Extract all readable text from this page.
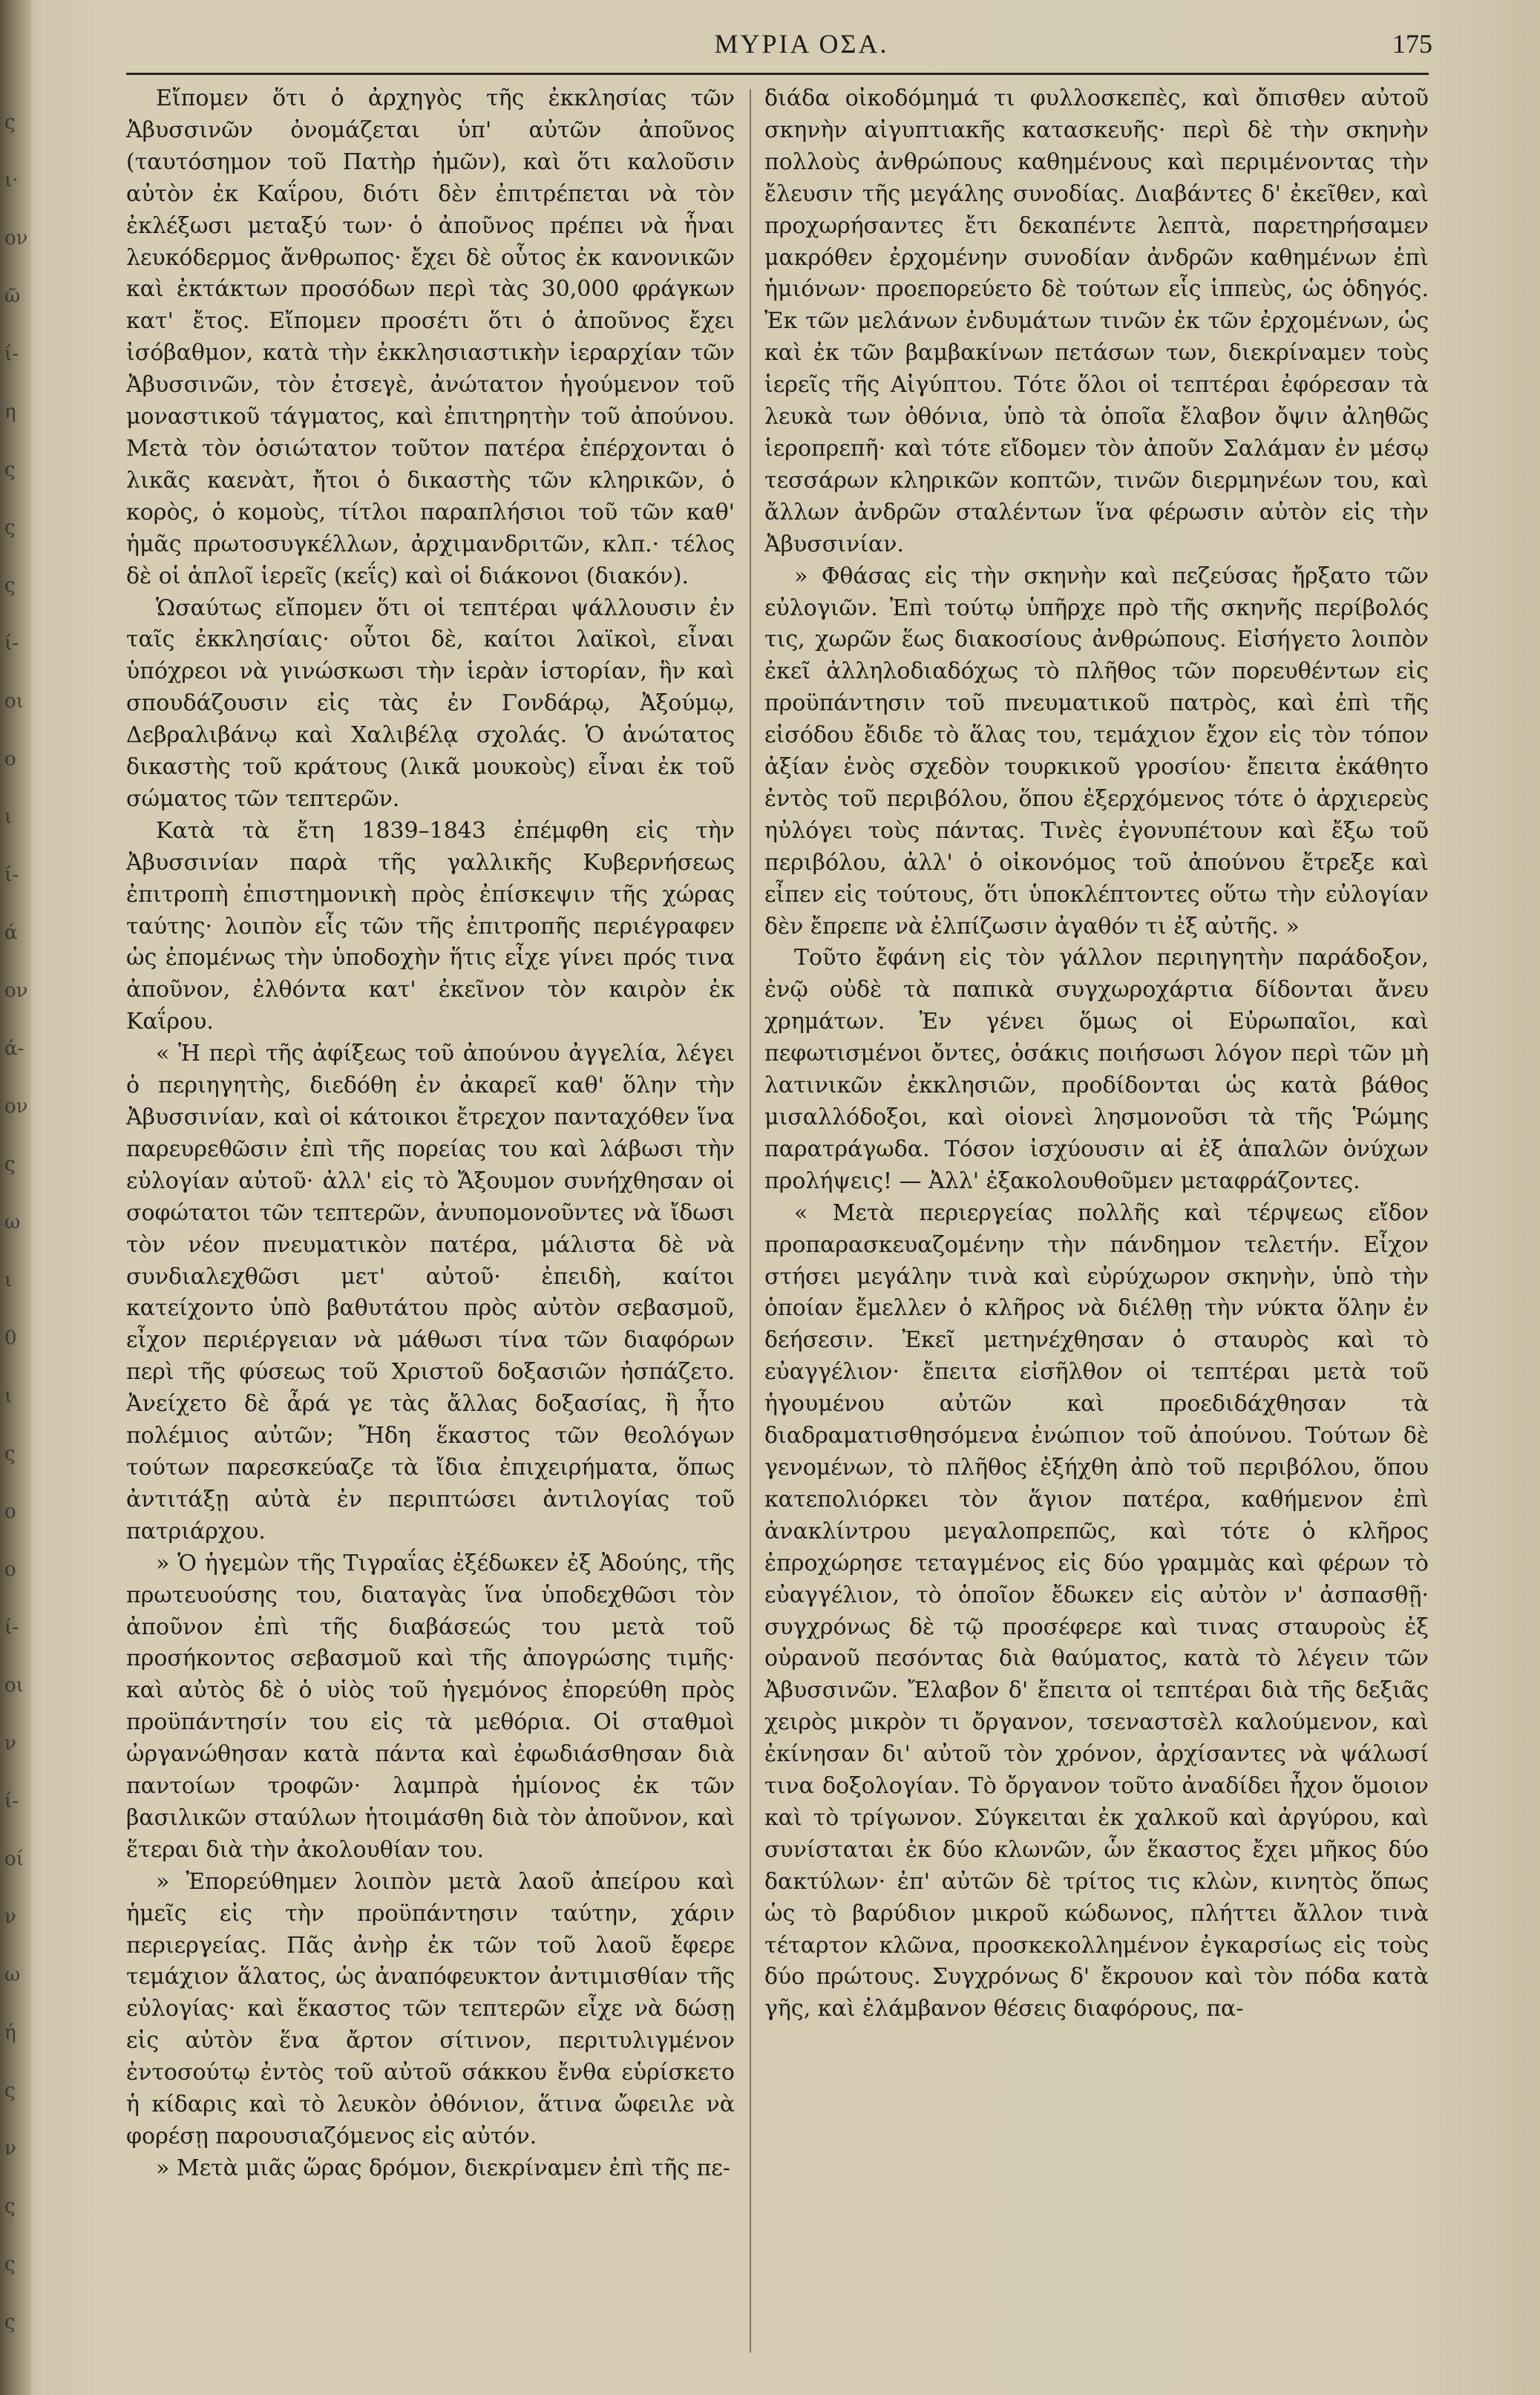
ς
ι·
ον
ῶ
ί-
η
ς
ς
ς
ί-
οι
ο
ι
ί-
ά
ον
ά-
ον
ς
ω
ι
0
ι
ς
ο
ο
ί-
οι
ν
ί-
οί
ν
ω
ή
ς
ν
ς
ς
ς
ΜΥΡΙΑ ΟΣΑ.	175

Εἴπομεν ὅτι ὁ ἀρχηγὸς τῆς ἐκκλησίας τῶν Ἀβυσσινῶν ὀνομάζεται ὑπ' αὐτῶν ἀποῦνος (ταυτόσημον τοῦ Πατὴρ ἡμῶν), καὶ ὅτι καλοῦσιν αὐτὸν ἐκ Καΐρου, διότι δὲν ἐπιτρέπεται νὰ τὸν ἐκλέξωσι μεταξύ των· ὁ ἀποῦνος πρέπει νὰ ἦναι λευκόδερμος ἄνθρωπος· ἔχει δὲ οὗτος ἐκ κανονικῶν καὶ ἐκτάκτων προσόδων περὶ τὰς 30,000 φράγκων κατ' ἔτος. Εἴπομεν προσέτι ὅτι ὁ ἀποῦνος ἔχει ἰσόβαθμον, κατὰ τὴν ἐκκλησιαστικὴν ἱεραρχίαν τῶν Ἀβυσσινῶν, τὸν ἐτσεγὲ, ἀνώτατον ἡγούμενον τοῦ μοναστικοῦ τάγματος, καὶ ἐπιτηρητὴν τοῦ ἀπούνου. Μετὰ τὸν ὁσιώτατον τοῦτον πατέρα ἐπέρχονται ὁ λικᾶς καενὰτ, ἤτοι ὁ δικαστὴς τῶν κληρικῶν, ὁ κορὸς, ὁ κομοὺς, τίτλοι παραπλήσιοι τοῦ τῶν καθ' ἡμᾶς πρωτοσυγκέλλων, ἀρχιμανδριτῶν, κλπ.· τέλος δὲ οἱ ἁπλοῖ ἱερεῖς (κεΐς) καὶ οἱ διάκονοι (διακόν).

Ὡσαύτως εἴπομεν ὅτι οἱ τεπτέραι ψάλλουσιν ἐν ταῖς ἐκκλησίαις· οὗτοι δὲ, καίτοι λαϊκοὶ, εἶναι ὑπόχρεοι νὰ γινώσκωσι τὴν ἱερὰν ἱστορίαν, ἣν καὶ σπουδάζουσιν εἰς τὰς ἐν Γονδάρῳ, Ἀξούμῳ, Δεβραλιβάνῳ καὶ Χαλιβέλᾳ σχολάς. Ὁ ἀνώτατος δικαστὴς τοῦ κράτους (λικᾶ μουκοὺς) εἶναι ἐκ τοῦ σώματος τῶν τεπτερῶν.

Κατὰ τὰ ἔτη 1839–1843 ἐπέμφθη εἰς τὴν Ἀβυσσινίαν παρὰ τῆς γαλλικῆς Κυβερνήσεως ἐπιτροπὴ ἐπιστημονικὴ πρὸς ἐπίσκεψιν τῆς χώρας ταύτης· λοιπὸν εἷς τῶν τῆς ἐπιτροπῆς περιέγραφεν ὡς ἐπομένως τὴν ὑποδοχὴν ἥτις εἶχε γίνει πρός τινα ἀποῦνον, ἐλθόντα κατ' ἐκεῖνον τὸν καιρὸν ἐκ Καΐρου.

« Ἡ περὶ τῆς ἀφίξεως τοῦ ἀπούνου ἀγγελία, λέγει ὁ περιηγητὴς, διεδόθη ἐν ἀκαρεῖ καθ' ὅλην τὴν Ἀβυσσινίαν, καὶ οἱ κάτοικοι ἔτρεχον πανταχόθεν ἵνα παρευρεθῶσιν ἐπὶ τῆς πορείας του καὶ λάβωσι τὴν εὐλογίαν αὐτοῦ· ἀλλ' εἰς τὸ Ἄξουμον συνήχθησαν οἱ σοφώτατοι τῶν τεπτερῶν, ἀνυπομονοῦντες νὰ ἴδωσι τὸν νέον πνευματικὸν πατέρα, μάλιστα δὲ νὰ συνδιαλεχθῶσι μετ' αὐτοῦ· ἐπειδὴ, καίτοι κατείχοντο ὑπὸ βαθυτάτου πρὸς αὐτὸν σεβασμοῦ, εἶχον περιέργειαν νὰ μάθωσι τίνα τῶν διαφόρων περὶ τῆς φύσεως τοῦ Χριστοῦ δοξασιῶν ἠσπάζετο. Ἀνείχετο δὲ ἆρά γε τὰς ἄλλας δοξασίας, ἢ ἦτο πολέμιος αὐτῶν; Ἤδη ἕκαστος τῶν θεολόγων τούτων παρεσκεύαζε τὰ ἴδια ἐπιχειρήματα, ὅπως ἀντιτάξῃ αὐτὰ ἐν περιπτώσει ἀντιλογίας τοῦ πατριάρχου.

» Ὁ ἡγεμὼν τῆς Τιγραΐας ἐξέδωκεν ἐξ Ἀδούης, τῆς πρωτευούσης του, διαταγὰς ἵνα ὑποδεχθῶσι τὸν ἀποῦνον ἐπὶ τῆς διαβάσεώς του μετὰ τοῦ προσήκοντος σεβασμοῦ καὶ τῆς ἀπογρώσης τιμῆς· καὶ αὐτὸς δὲ ὁ υἱὸς τοῦ ἡγεμόνος ἐπορεύθη πρὸς προϋπάντησίν του εἰς τὰ μεθόρια. Οἱ σταθμοὶ ὠργανώθησαν κατὰ πάντα καὶ ἐφωδιάσθησαν διὰ παντοίων τροφῶν· λαμπρὰ ἡμίονος ἐκ τῶν βασιλικῶν σταύλων ἡτοιμάσθη διὰ τὸν ἀποῦνον, καὶ ἕτεραι διὰ τὴν ἀκολουθίαν του.

» Ἐπορεύθημεν λοιπὸν μετὰ λαοῦ ἀπείρου καὶ ἡμεῖς εἰς τὴν προϋπάντησιν ταύτην, χάριν περιεργείας. Πᾶς ἀνὴρ ἐκ τῶν τοῦ λαοῦ ἔφερε τεμάχιον ἅλατος, ὡς ἀναπόφευκτον ἀντιμισθίαν τῆς εὐλογίας· καὶ ἕκαστος τῶν τεπτερῶν εἶχε νὰ δώσῃ εἰς αὐτὸν ἕνα ἄρτον σίτινον, περιτυλιγμένον ἐντοσούτῳ ἐντὸς τοῦ αὐτοῦ σάκκου ἔνθα εὑρίσκετο ἡ κίδαρις καὶ τὸ λευκὸν ὀθόνιον, ἅτινα ὤφειλε νὰ φορέσῃ παρουσιαζόμενος εἰς αὐτόν.

» Μετὰ μιᾶς ὥρας δρόμον, διεκρίναμεν ἐπὶ τῆς πε-

διάδα οἰκοδόμημά τι φυλλοσκεπὲς, καὶ ὄπισθεν αὐτοῦ σκηνὴν αἰγυπτιακῆς κατασκευῆς· περὶ δὲ τὴν σκηνὴν πολλοὺς ἀνθρώπους καθημένους καὶ περιμένοντας τὴν ἔλευσιν τῆς μεγάλης συνοδίας. Διαβάντες δ' ἐκεῖθεν, καὶ προχωρήσαντες ἔτι δεκαπέντε λεπτὰ, παρετηρήσαμεν μακρόθεν ἐρχομένην συνοδίαν ἀνδρῶν καθημένων ἐπὶ ἡμιόνων· προεπορεύετο δὲ τούτων εἷς ἱππεὺς, ὡς ὁδηγός. Ἐκ τῶν μελάνων ἐνδυμάτων τινῶν ἐκ τῶν ἐρχομένων, ὡς καὶ ἐκ τῶν βαμβακίνων πετάσων των, διεκρίναμεν τοὺς ἱερεῖς τῆς Αἰγύπτου. Τότε ὅλοι οἱ τεπτέραι ἐφόρεσαν τὰ λευκὰ των ὀθόνια, ὑπὸ τὰ ὁποῖα ἔλαβον ὄψιν ἀληθῶς ἱεροπρεπῆ· καὶ τότε εἴδομεν τὸν ἀποῦν Σαλάμαν ἐν μέσῳ τεσσάρων κληρικῶν κοπτῶν, τινῶν διερμηνέων του, καὶ ἄλλων ἀνδρῶν σταλέντων ἵνα φέρωσιν αὐτὸν εἰς τὴν Ἀβυσσινίαν.

» Φθάσας εἰς τὴν σκηνὴν καὶ πεζεύσας ἤρξατο τῶν εὐλογιῶν. Ἐπὶ τούτῳ ὑπῆρχε πρὸ τῆς σκηνῆς περίβολός τις, χωρῶν ἕως διακοσίους ἀνθρώπους. Εἰσήγετο λοιπὸν ἐκεῖ ἀλληλοδιαδόχως τὸ πλῆθος τῶν πορευθέντων εἰς προϋπάντησιν τοῦ πνευματικοῦ πατρὸς, καὶ ἐπὶ τῆς εἰσόδου ἔδιδε τὸ ἅλας του, τεμάχιον ἔχον εἰς τὸν τόπον ἀξίαν ἑνὸς σχεδὸν τουρκικοῦ γροσίου· ἔπειτα ἐκάθητο ἐντὸς τοῦ περιβόλου, ὅπου ἐξερχόμενος τότε ὁ ἀρχιερεὺς ηὐλόγει τοὺς πάντας. Τινὲς ἐγονυπέτουν καὶ ἔξω τοῦ περιβόλου, ἀλλ' ὁ οἰκονόμος τοῦ ἀπούνου ἔτρεξε καὶ εἶπεν εἰς τούτους, ὅτι ὑποκλέπτοντες οὕτω τὴν εὐλογίαν δὲν ἔπρεπε νὰ ἐλπίζωσιν ἀγαθόν τι ἐξ αὐτῆς. »

Τοῦτο ἔφάνη εἰς τὸν γάλλον περιηγητὴν παράδοξον, ἐνῷ οὐδὲ τὰ παπικὰ συγχωροχάρτια δίδονται ἄνευ χρημάτων. Ἐν γένει ὅμως οἱ Εὐρωπαῖοι, καὶ πεφωτισμένοι ὄντες, ὁσάκις ποιήσωσι λόγον περὶ τῶν μὴ λατινικῶν ἐκκλησιῶν, προδίδονται ὡς κατὰ βάθος μισαλλόδοξοι, καὶ οἱονεὶ λησμονοῦσι τὰ τῆς Ῥώμης παρατράγωδα. Τόσον ἰσχύουσιν αἱ ἐξ ἁπαλῶν ὀνύχων προλήψεις! — Ἀλλ' ἐξακολουθοῦμεν μεταφράζοντες.

« Μετὰ περιεργείας πολλῆς καὶ τέρψεως εἴδον προπαρασκευαζομένην τὴν πάνδημον τελετήν. Εἶχον στήσει μεγάλην τινὰ καὶ εὐρύχωρον σκηνὴν, ὑπὸ τὴν ὁποίαν ἔμελλεν ὁ κλῆρος νὰ διέλθῃ τὴν νύκτα ὅλην ἐν δεήσεσιν. Ἐκεῖ μετηνέχθησαν ὁ σταυρὸς καὶ τὸ εὐαγγέλιον· ἔπειτα εἰσῆλθον οἱ τεπτέραι μετὰ τοῦ ἡγουμένου αὐτῶν καὶ προεδιδάχθησαν τὰ διαδραματισθησόμενα ἐνώπιον τοῦ ἀπούνου. Τούτων δὲ γενομένων, τὸ πλῆθος ἐξήχθη ἀπὸ τοῦ περιβόλου, ὅπου κατεπολιόρκει τὸν ἅγιον πατέρα, καθήμενον ἐπὶ ἀνακλίντρου μεγαλοπρεπῶς, καὶ τότε ὁ κλῆρος ἐπροχώρησε τεταγμένος εἰς δύο γραμμὰς καὶ φέρων τὸ εὐαγγέλιον, τὸ ὁποῖον ἔδωκεν εἰς αὐτὸν ν' ἀσπασθῇ· συγχρόνως δὲ τῷ προσέφερε καὶ τινας σταυροὺς ἐξ οὐρανοῦ πεσόντας διὰ θαύματος, κατὰ τὸ λέγειν τῶν Ἀβυσσινῶν. Ἔλαβον δ' ἔπειτα οἱ τεπτέραι διὰ τῆς δεξιᾶς χειρὸς μικρὸν τι ὄργανον, τσεναστσὲλ καλούμενον, καὶ ἐκίνησαν δι' αὐτοῦ τὸν χρόνον, ἀρχίσαντες νὰ ψάλωσί τινα δοξολογίαν. Τὸ ὄργανον τοῦτο ἀναδίδει ἦχον ὅμοιον καὶ τὸ τρίγωνον. Σύγκειται ἐκ χαλκοῦ καὶ ἀργύρου, καὶ συνίσταται ἐκ δύο κλωνῶν, ὧν ἕκαστος ἔχει μῆκος δύο δακτύλων· ἐπ' αὐτῶν δὲ τρίτος τις κλὼν, κινητὸς ὅπως ὡς τὸ βαρύδιον μικροῦ κώδωνος, πλήττει ἄλλον τινὰ τέταρτον κλῶνα, προσκεκολλημένον ἐγκαρσίως εἰς τοὺς δύο πρώτους. Συγχρόνως δ' ἔκρουον καὶ τὸν πόδα κατὰ γῆς, καὶ ἐλάμβανον θέσεις διαφόρους, πα-
